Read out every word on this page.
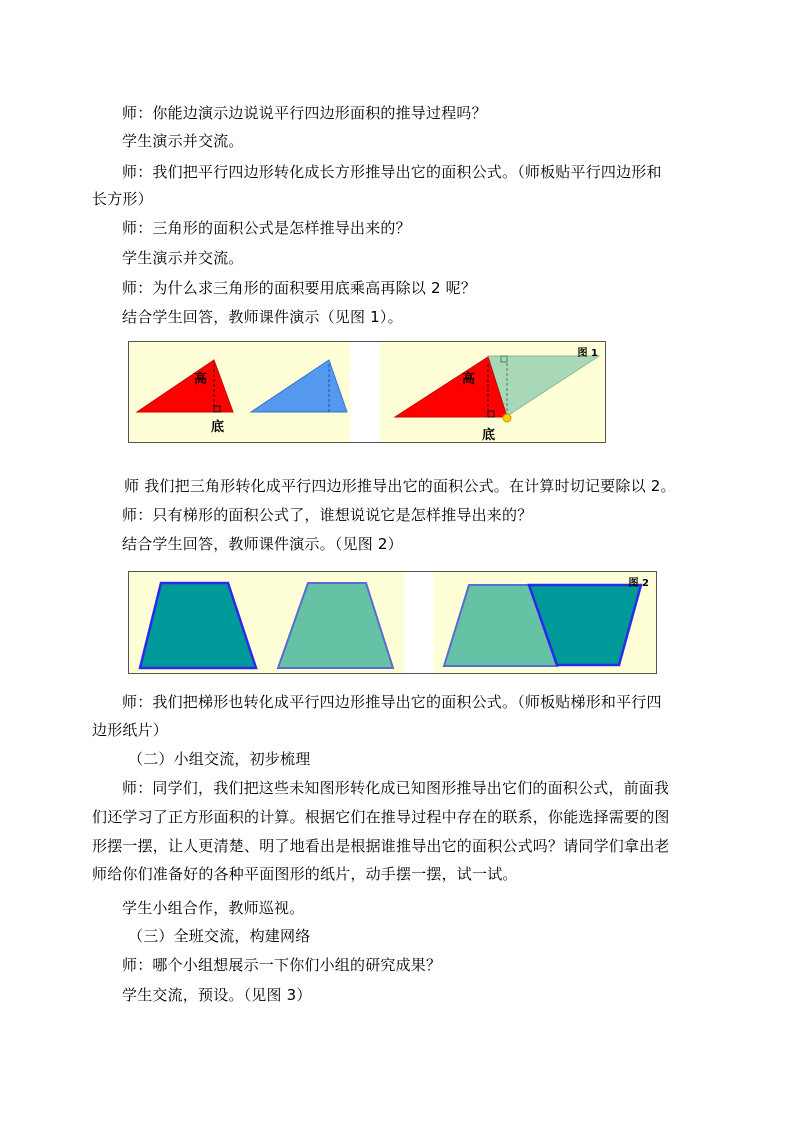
师：你能边演示边说说平行四边形面积的推导过程吗？
学生演示并交流。
师：我们把平行四边形转化成长方形推导出它的面积公式。（师板贴平行四边形和
长方形）
师：三角形的面积公式是怎样推导出来的？
学生演示并交流。
师：为什么求三角形的面积要用底乘高再除以 2 呢？
结合学生回答，教师课件演示（见图 1）。
图 1
高
底
高
底
师 我们把三角形转化成平行四边形推导出它的面积公式。在计算时切记要除以 2。
师：只有梯形的面积公式了，谁想说说它是怎样推导出来的？
结合学生回答，教师课件演示。（见图 2）
图 2
师：我们把梯形也转化成平行四边形推导出它的面积公式。（师板贴梯形和平行四
边形纸片）
（二）小组交流，初步梳理
师：同学们，我们把这些未知图形转化成已知图形推导出它们的面积公式，前面我
们还学习了正方形面积的计算。根据它们在推导过程中存在的联系，你能选择需要的图
形摆一摆，让人更清楚、明了地看出是根据谁推导出它的面积公式吗？请同学们拿出老
师给你们准备好的各种平面图形的纸片，动手摆一摆，试一试。
学生小组合作，教师巡视。
（三）全班交流，构建网络
师：哪个小组想展示一下你们小组的研究成果？
学生交流，预设。（见图 3）
